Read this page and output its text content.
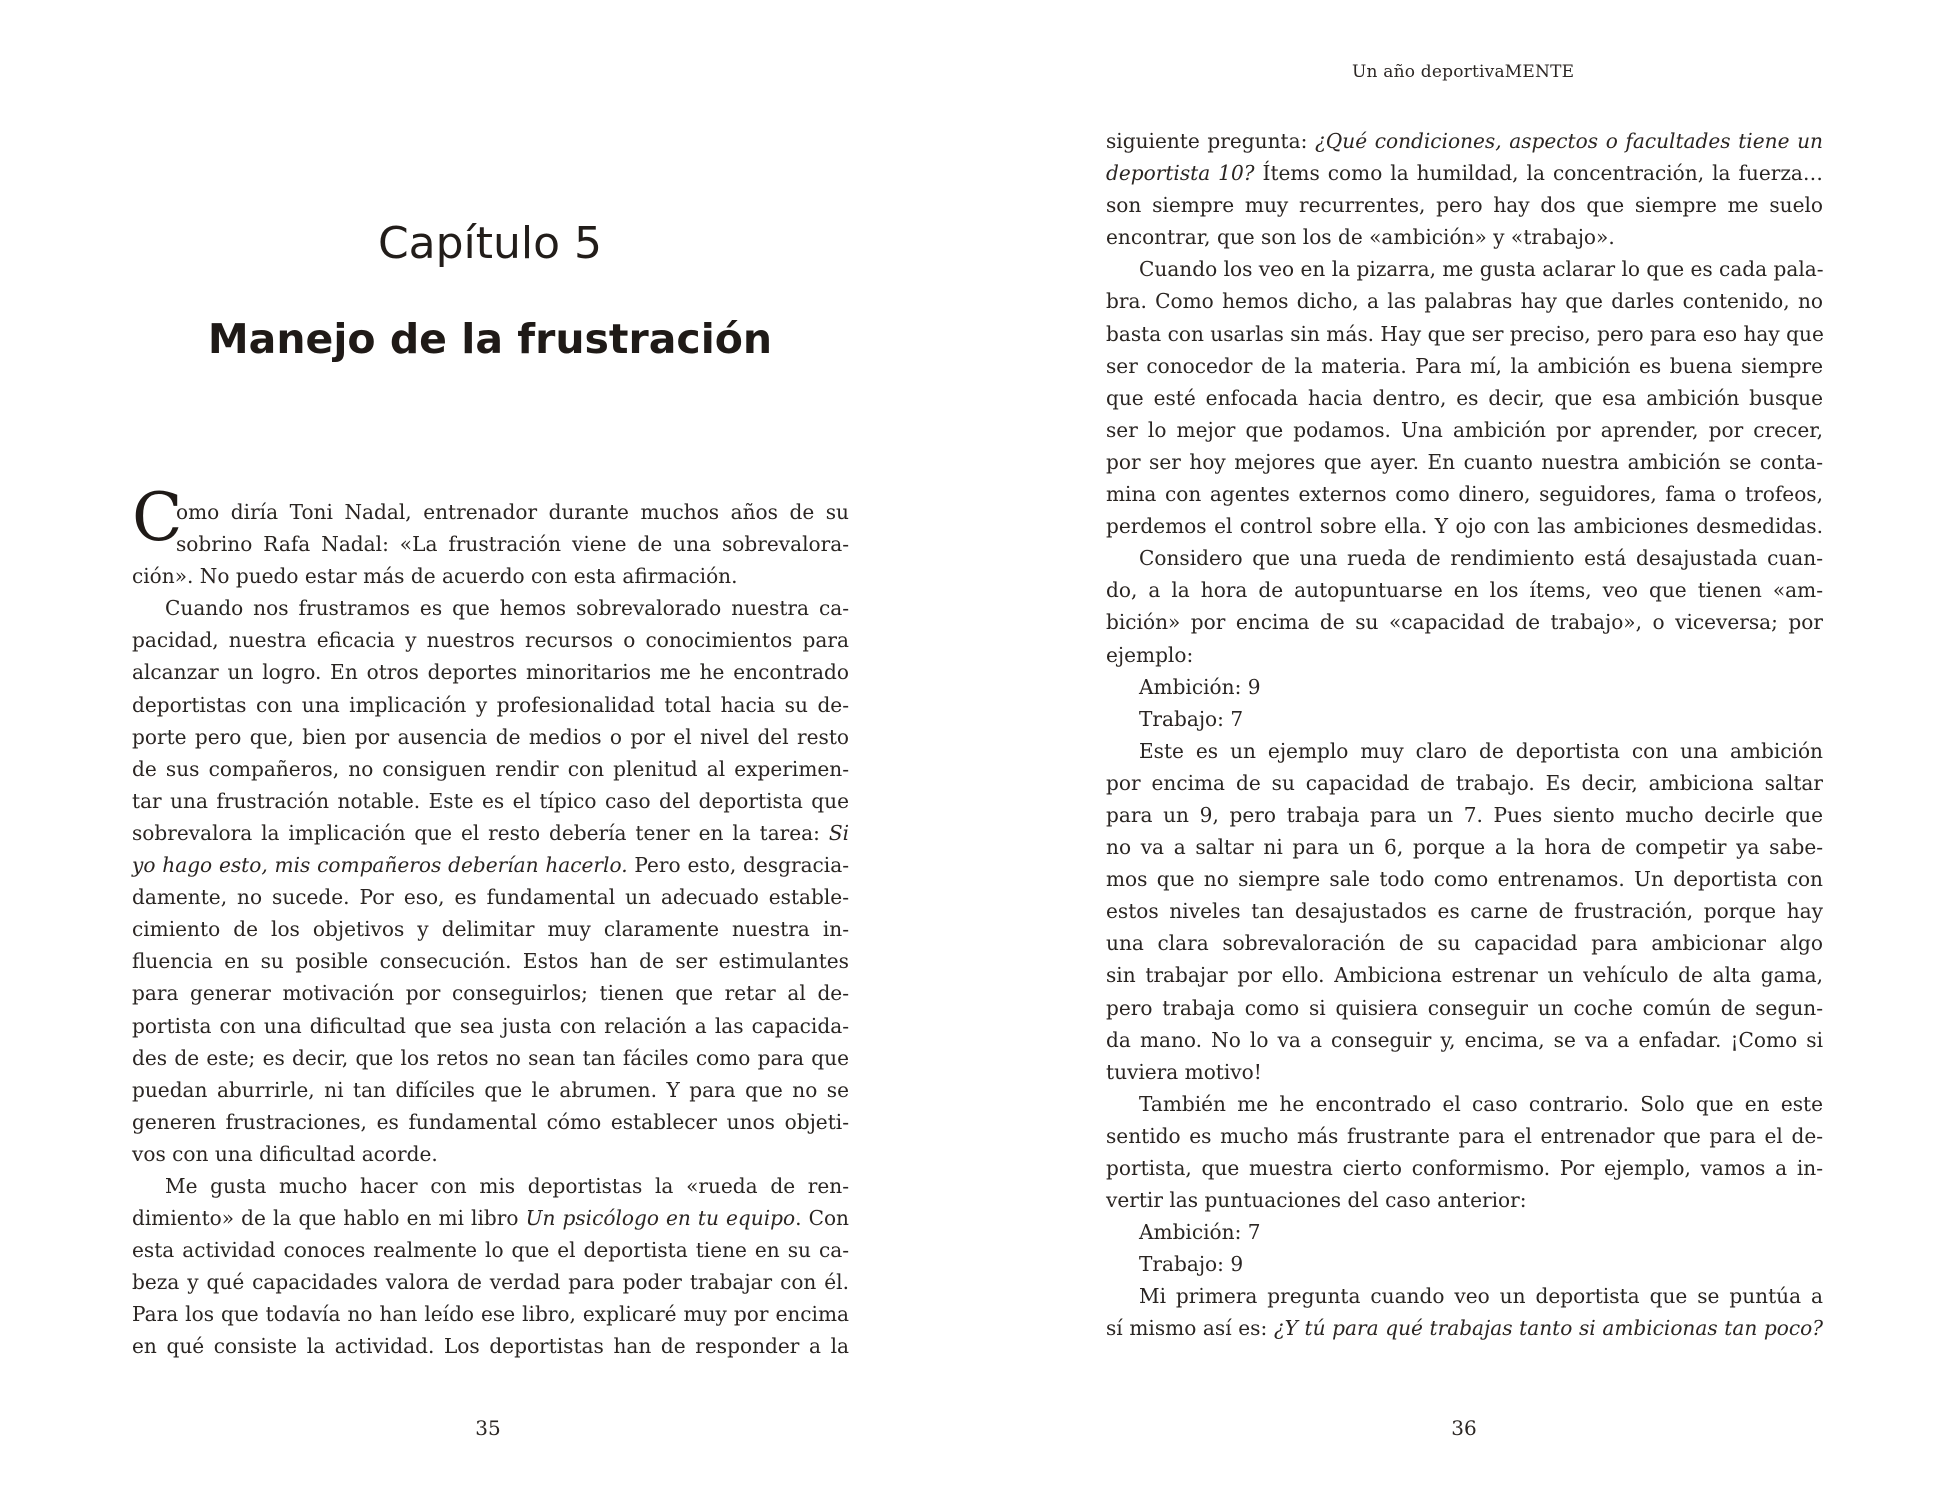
Capítulo 5
Manejo de la frustración
C
omo diría Toni Nadal, entrenador durante muchos años de su
sobrino Rafa Nadal: «La frustración viene de una sobrevalora-
ción». No puedo estar más de acuerdo con esta afirmación.
Cuando nos frustramos es que hemos sobrevalorado nuestra ca-
pacidad, nuestra eficacia y nuestros recursos o conocimientos para
alcanzar un logro. En otros deportes minoritarios me he encontrado
deportistas con una implicación y profesionalidad total hacia su de-
porte pero que, bien por ausencia de medios o por el nivel del resto
de sus compañeros, no consiguen rendir con plenitud al experimen-
tar una frustración notable. Este es el típico caso del deportista que
sobrevalora la implicación que el resto debería tener en la tarea: Si
yo hago esto, mis compañeros deberían hacerlo. Pero esto, desgracia-
damente, no sucede. Por eso, es fundamental un adecuado estable-
cimiento de los objetivos y delimitar muy claramente nuestra in-
fluencia en su posible consecución. Estos han de ser estimulantes
para generar motivación por conseguirlos; tienen que retar al de-
portista con una dificultad que sea justa con relación a las capacida-
des de este; es decir, que los retos no sean tan fáciles como para que
puedan aburrirle, ni tan difíciles que le abrumen. Y para que no se
generen frustraciones, es fundamental cómo establecer unos objeti-
vos con una dificultad acorde.
Me gusta mucho hacer con mis deportistas la «rueda de ren-
dimiento» de la que hablo en mi libro Un psicólogo en tu equipo. Con
esta actividad conoces realmente lo que el deportista tiene en su ca-
beza y qué capacidades valora de verdad para poder trabajar con él.
Para los que todavía no han leído ese libro, explicaré muy por encima
en qué consiste la actividad. Los deportistas han de responder a la
35
Un año deportivaMENTE
siguiente pregunta: ¿Qué condiciones, aspectos o facultades tiene un
deportista 10? Ítems como la humildad, la concentración, la fuerza…
son siempre muy recurrentes, pero hay dos que siempre me suelo
encontrar, que son los de «ambición» y «trabajo».
Cuando los veo en la pizarra, me gusta aclarar lo que es cada pala-
bra. Como hemos dicho, a las palabras hay que darles contenido, no
basta con usarlas sin más. Hay que ser preciso, pero para eso hay que
ser conocedor de la materia. Para mí, la ambición es buena siempre
que esté enfocada hacia dentro, es decir, que esa ambición busque
ser lo mejor que podamos. Una ambición por aprender, por crecer,
por ser hoy mejores que ayer. En cuanto nuestra ambición se conta-
mina con agentes externos como dinero, seguidores, fama o trofeos,
perdemos el control sobre ella. Y ojo con las ambiciones desmedidas.
Considero que una rueda de rendimiento está desajustada cuan-
do, a la hora de autopuntuarse en los ítems, veo que tienen «am-
bición» por encima de su «capacidad de trabajo», o viceversa; por
ejemplo:
Ambición: 9
Trabajo: 7
Este es un ejemplo muy claro de deportista con una ambición
por encima de su capacidad de trabajo. Es decir, ambiciona saltar
para un 9, pero trabaja para un 7. Pues siento mucho decirle que
no va a saltar ni para un 6, porque a la hora de competir ya sabe-
mos que no siempre sale todo como entrenamos. Un deportista con
estos niveles tan desajustados es carne de frustración, porque hay
una clara sobrevaloración de su capacidad para ambicionar algo
sin trabajar por ello. Ambiciona estrenar un vehículo de alta gama,
pero trabaja como si quisiera conseguir un coche común de segun-
da mano. No lo va a conseguir y, encima, se va a enfadar. ¡Como si
tuviera motivo!
También me he encontrado el caso contrario. Solo que en este
sentido es mucho más frustrante para el entrenador que para el de-
portista, que muestra cierto conformismo. Por ejemplo, vamos a in-
vertir las puntuaciones del caso anterior:
Ambición: 7
Trabajo: 9
Mi primera pregunta cuando veo un deportista que se puntúa a
sí mismo así es: ¿Y tú para qué trabajas tanto si ambicionas tan poco?
36
